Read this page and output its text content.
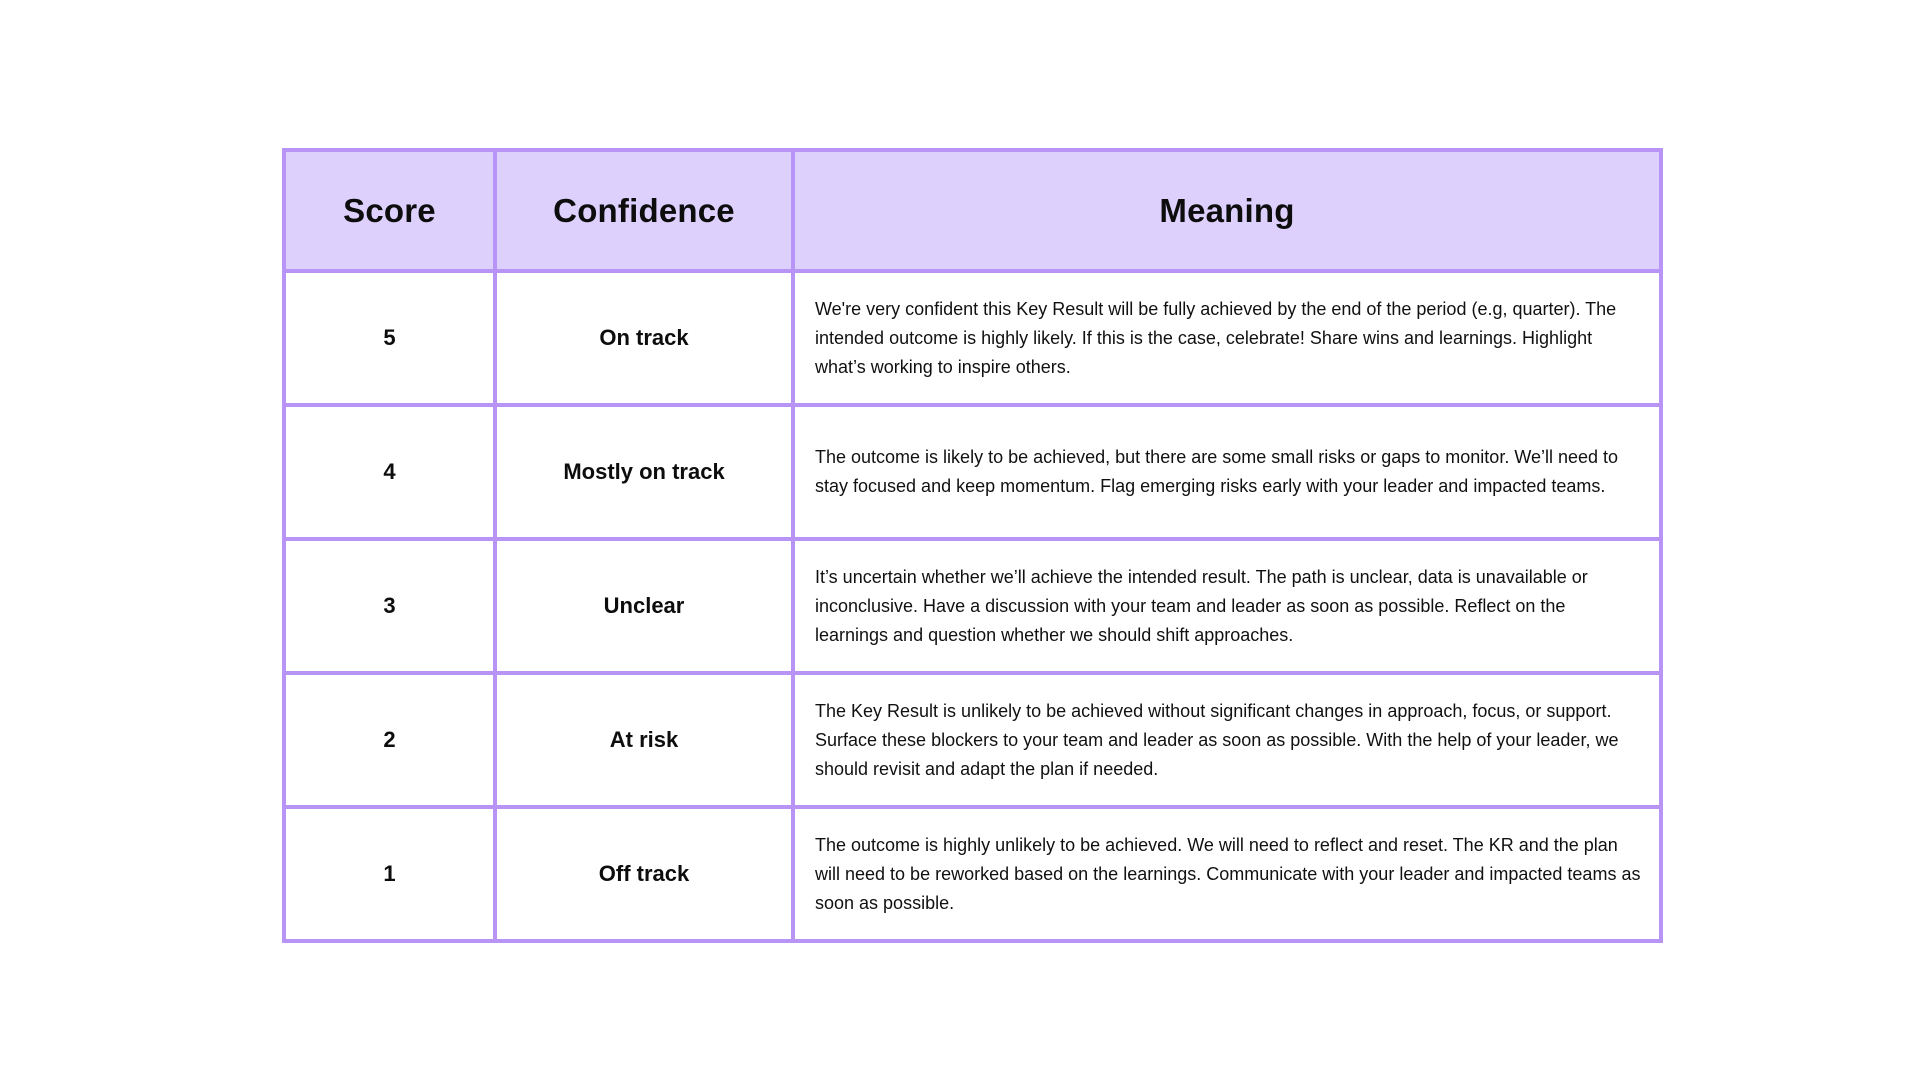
Score	Confidence	Meaning
5	On track	We're very confident this Key Result will be fully achieved by the end of the period (e.g, quarter). The intended outcome is highly likely. If this is the case, celebrate! Share wins and learnings. Highlight what’s working to inspire others.
4	Mostly on track	The outcome is likely to be achieved, but there are some small risks or gaps to monitor. We’ll need to stay focused and keep momentum. Flag emerging risks early with your leader and impacted teams.
3	Unclear	It’s uncertain whether we’ll achieve the intended result. The path is unclear, data is unavailable or inconclusive. Have a discussion with your team and leader as soon as possible. Reflect on the learnings and question whether we should shift approaches.
2	At risk	The Key Result is unlikely to be achieved without significant changes in approach, focus, or support. Surface these blockers to your team and leader as soon as possible. With the help of your leader, we should revisit and adapt the plan if needed.
1	Off track	The outcome is highly unlikely to be achieved. We will need to reflect and reset. The KR and the plan will need to be reworked based on the learnings. Communicate with your leader and impacted teams as soon as possible.
